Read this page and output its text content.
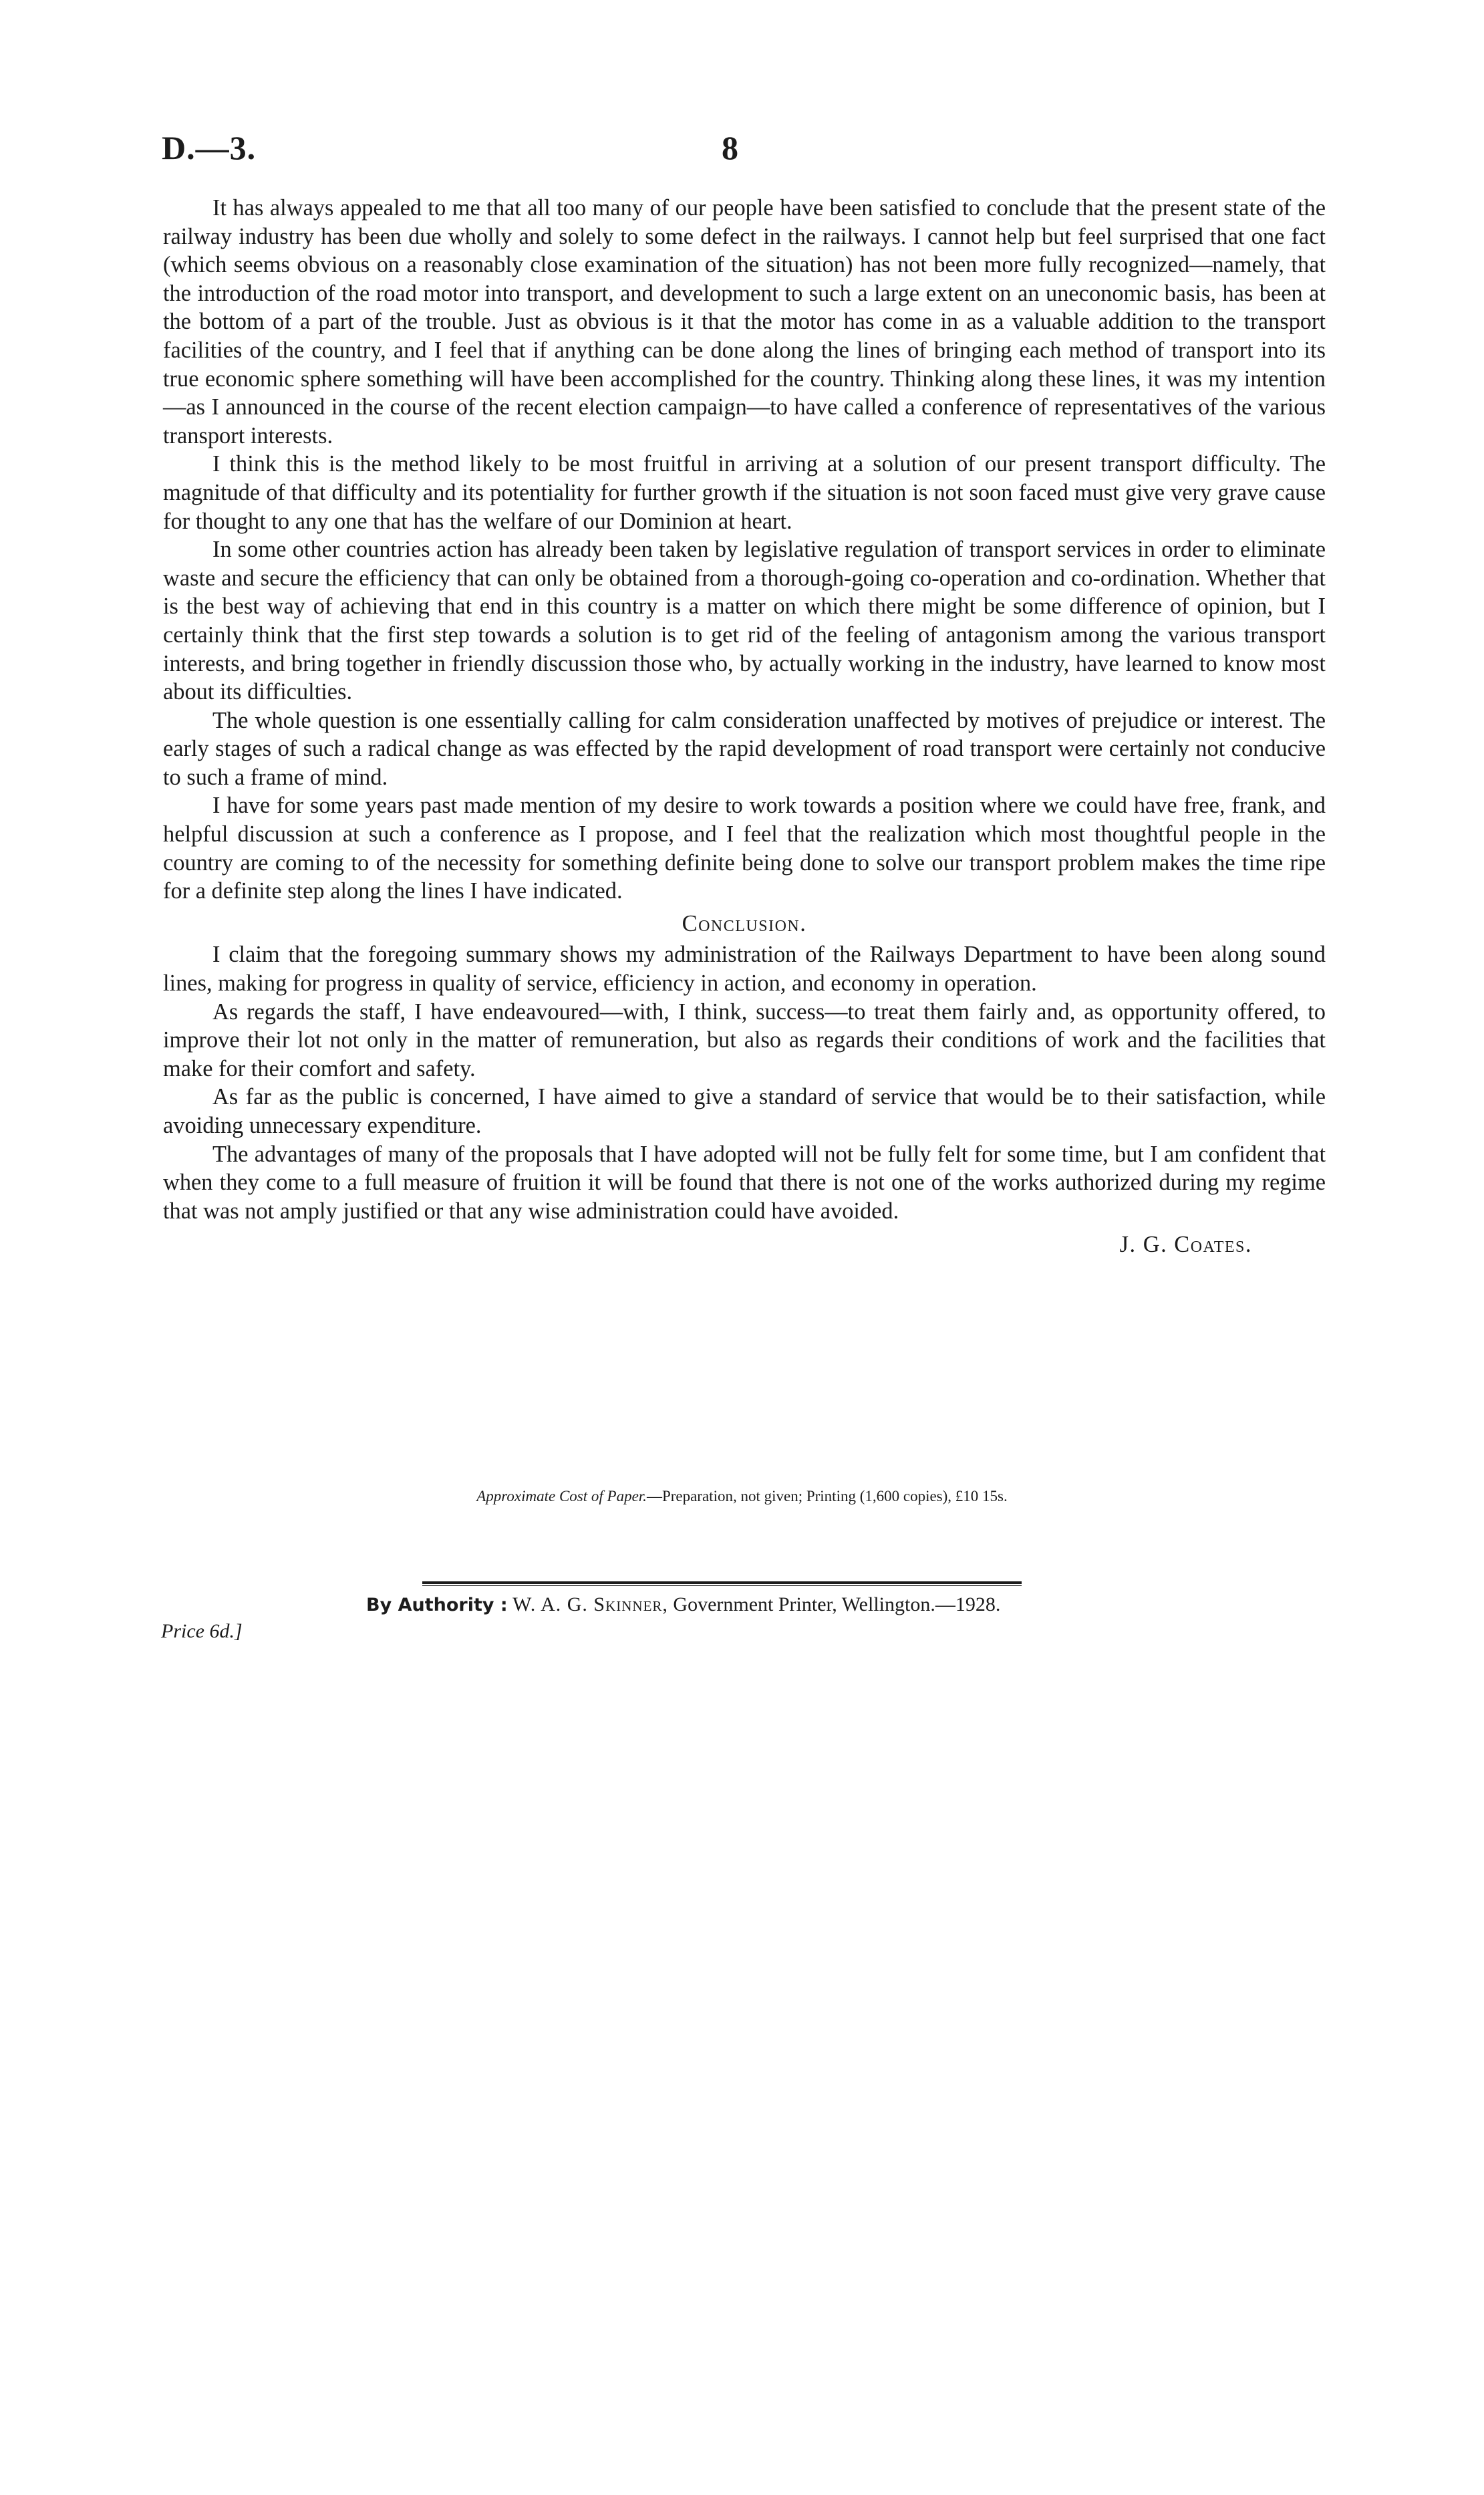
D.—3.	8

It has always appealed to me that all too many of our people have been satisfied to conclude that the present state of the railway industry has been due wholly and solely to some defect in the railways. I cannot help but feel surprised that one fact (which seems obvious on a reasonably close examination of the situation) has not been more fully recognized—namely, that the introduction of the road motor into transport, and development to such a large extent on an uneconomic basis, has been at the bottom of a part of the trouble. Just as obvious is it that the motor has come in as a valuable addition to the transport facilities of the country, and I feel that if anything can be done along the lines of bringing each method of transport into its true economic sphere something will have been accomplished for the country. Thinking along these lines, it was my intention—as I announced in the course of the recent election campaign—to have called a conference of representatives of the various transport interests.

I think this is the method likely to be most fruitful in arriving at a solution of our present transport difficulty. The magnitude of that difficulty and its potentiality for further growth if the situation is not soon faced must give very grave cause for thought to any one that has the welfare of our Dominion at heart.

In some other countries action has already been taken by legislative regulation of transport services in order to eliminate waste and secure the efficiency that can only be obtained from a thorough-going co-operation and co-ordination. Whether that is the best way of achieving that end in this country is a matter on which there might be some difference of opinion, but I certainly think that the first step towards a solution is to get rid of the feeling of antagonism among the various transport interests, and bring together in friendly discussion those who, by actually working in the industry, have learned to know most about its difficulties.

The whole question is one essentially calling for calm consideration unaffected by motives of prejudice or interest. The early stages of such a radical change as was effected by the rapid development of road transport were certainly not conducive to such a frame of mind.

I have for some years past made mention of my desire to work towards a position where we could have free, frank, and helpful discussion at such a conference as I propose, and I feel that the realization which most thoughtful people in the country are coming to of the necessity for something definite being done to solve our transport problem makes the time ripe for a definite step along the lines I have indicated.

Conclusion.

I claim that the foregoing summary shows my administration of the Railways Department to have been along sound lines, making for progress in quality of service, efficiency in action, and economy in operation.

As regards the staff, I have endeavoured—with, I think, success—to treat them fairly and, as opportunity offered, to improve their lot not only in the matter of remuneration, but also as regards their conditions of work and the facilities that make for their comfort and safety.

As far as the public is concerned, I have aimed to give a standard of service that would be to their satisfaction, while avoiding unnecessary expenditure.

The advantages of many of the proposals that I have adopted will not be fully felt for some time, but I am confident that when they come to a full measure of fruition it will be found that there is not one of the works authorized during my regime that was not amply justified or that any wise administration could have avoided.

J. G. Coates.
Approximate Cost of Paper.—Preparation, not given; Printing (1,600 copies), £10 15s.
By Authority : W. A. G. Skinner, Government Printer, Wellington.—1928.
Price 6d.]
